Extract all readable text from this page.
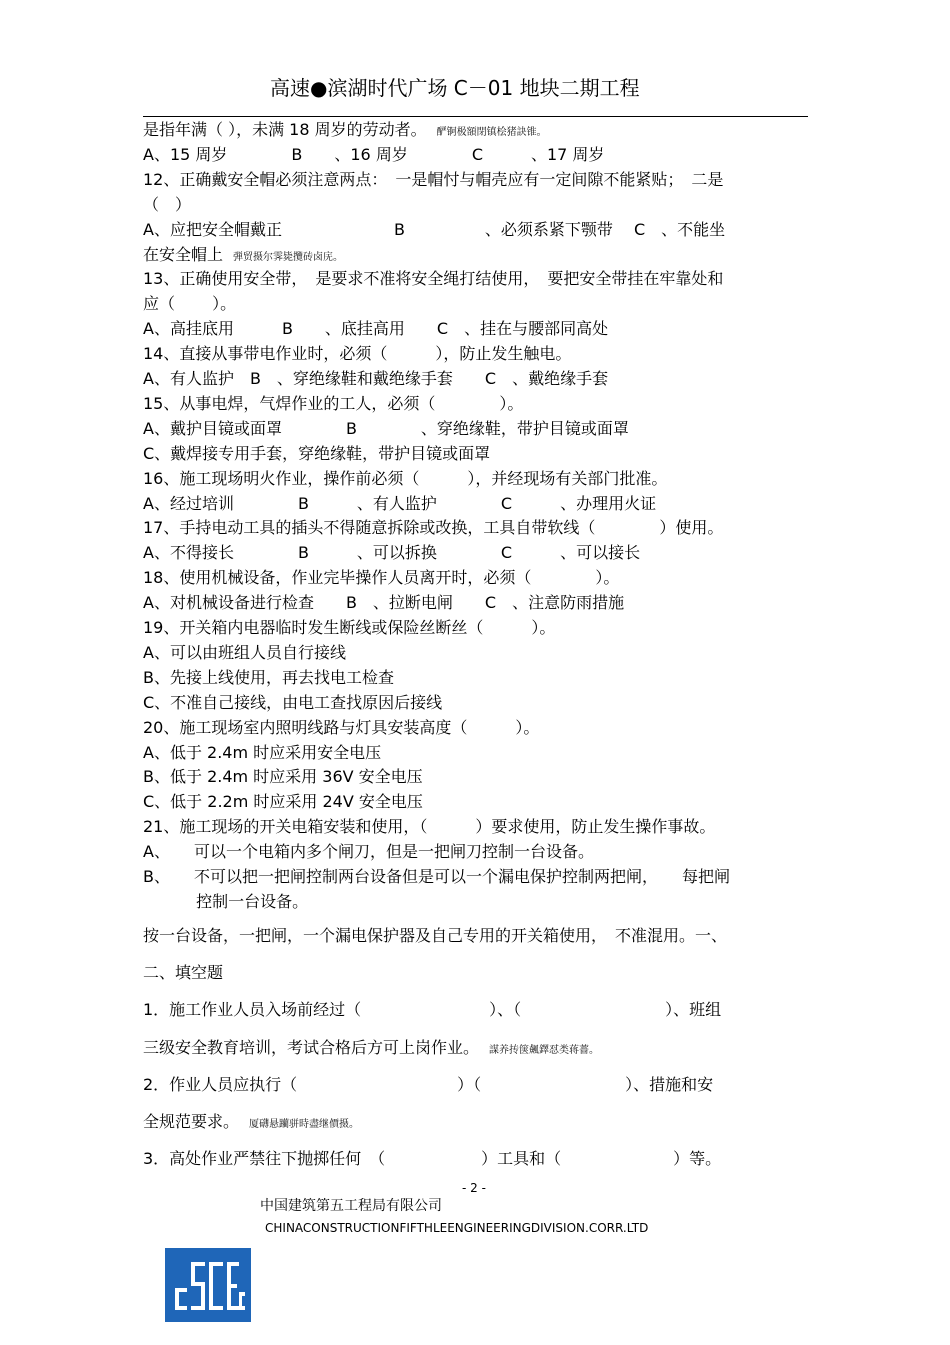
高速●滨湖时代广场 C－01 地块二期工程
是指年满（ ），未满 18 周岁的劳动者。 酽锕极額閉镇桧猪訣锥。
A、15 周岁　　　　B　　、16 周岁　　　　C　　　、17 周岁
12、正确戴安全帽必须注意两点：　一是帽忖与帽壳应有一定间隙不能紧贴；　二是
（　）
A、应把安全帽戴正　　　　　　　B　　　　　、必须系紧下颚带　 C　、不能坐
在安全帽上 弾贸摄尔霁毙攬砖卤庑。
13、正确使用安全带，　是要求不准将安全绳打结使用，　要把安全带挂在牢靠处和
应（　　 ）。
A、高挂底用　　　B　　、底挂高用　　C　、挂在与腰部同高处
14、直接从事带电作业时，必须（　　　），防止发生触电。
A、有人监护　B　、穿绝缘鞋和戴绝缘手套　　C　、戴绝缘手套
15、从事电焊，气焊作业的工人，必须（　　　　）。
A、戴护目镜或面罩　　　　B　　　　、穿绝缘鞋，带护目镜或面罩
C、戴焊接专用手套，穿绝缘鞋，带护目镜或面罩
16、施工现场明火作业，操作前必须（　　　），并经现场有关部门批准。
A、经过培训　　　　B　　　、有人监护　　　　C　　　、办理用火证
17、手持电动工具的插头不得随意拆除或改换，工具自带软线（　　　　）使用。
A、不得接长　　　　B　　　、可以拆换　　　　C　　　、可以接长
18、使用机械设备，作业完毕操作人员离开时，必须（　　　　）。
A、对机械设备进行检查　　B　、拉断电闸　　C　、注意防雨措施
19、开关箱内电器临时发生断线或保险丝断丝（　　　）。
A、可以由班组人员自行接线
B、先接上线使用，再去找电工检查
C、不准自己接线，由电工查找原因后接线
20、施工现场室内照明线路与灯具安装高度（　　　）。
A、低于 2.4m 时应采用安全电压
B、低于 2.4m 时应采用 36V 安全电压
C、低于 2.2m 时应采用 24V 安全电压
21、施工现场的开关电箱安装和使用，（　　　）要求使用，防止发生操作事故。
A、　　可以一个电箱内多个闸刀，但是一把闸刀控制一台设备。
B、　　不可以把一把闸控制两台设备但是可以一个漏电保护控制两把闸，　　每把闸
　　　 控制一台设备。
按一台设备，一把闸，一个漏电保护器及自己专用的开关箱使用，　不准混用。一、
二、填空题
1．施工作业人员入场前经过（　　　　　　　　）、（　　　　　　　　　）、班组
三级安全教育培训，考试合格后方可上岗作业。 謀养抟箧飆鐸怼类蒋薔。
2．作业人员应执行（　　　　　　　　　　）（　　　　　　　　　）、措施和安
全规范要求。 厦礴悬躪骈時盡继價摄。
3．高处作业严禁往下抛掷任何　（　　　　　　）工具和（　　　　　　　）等。
- 2 -
中国建筑第五工程局有限公司
CHINACONSTRUCTIONFIFTHLEENGINEERINGDIVISION.CORR.LTD
